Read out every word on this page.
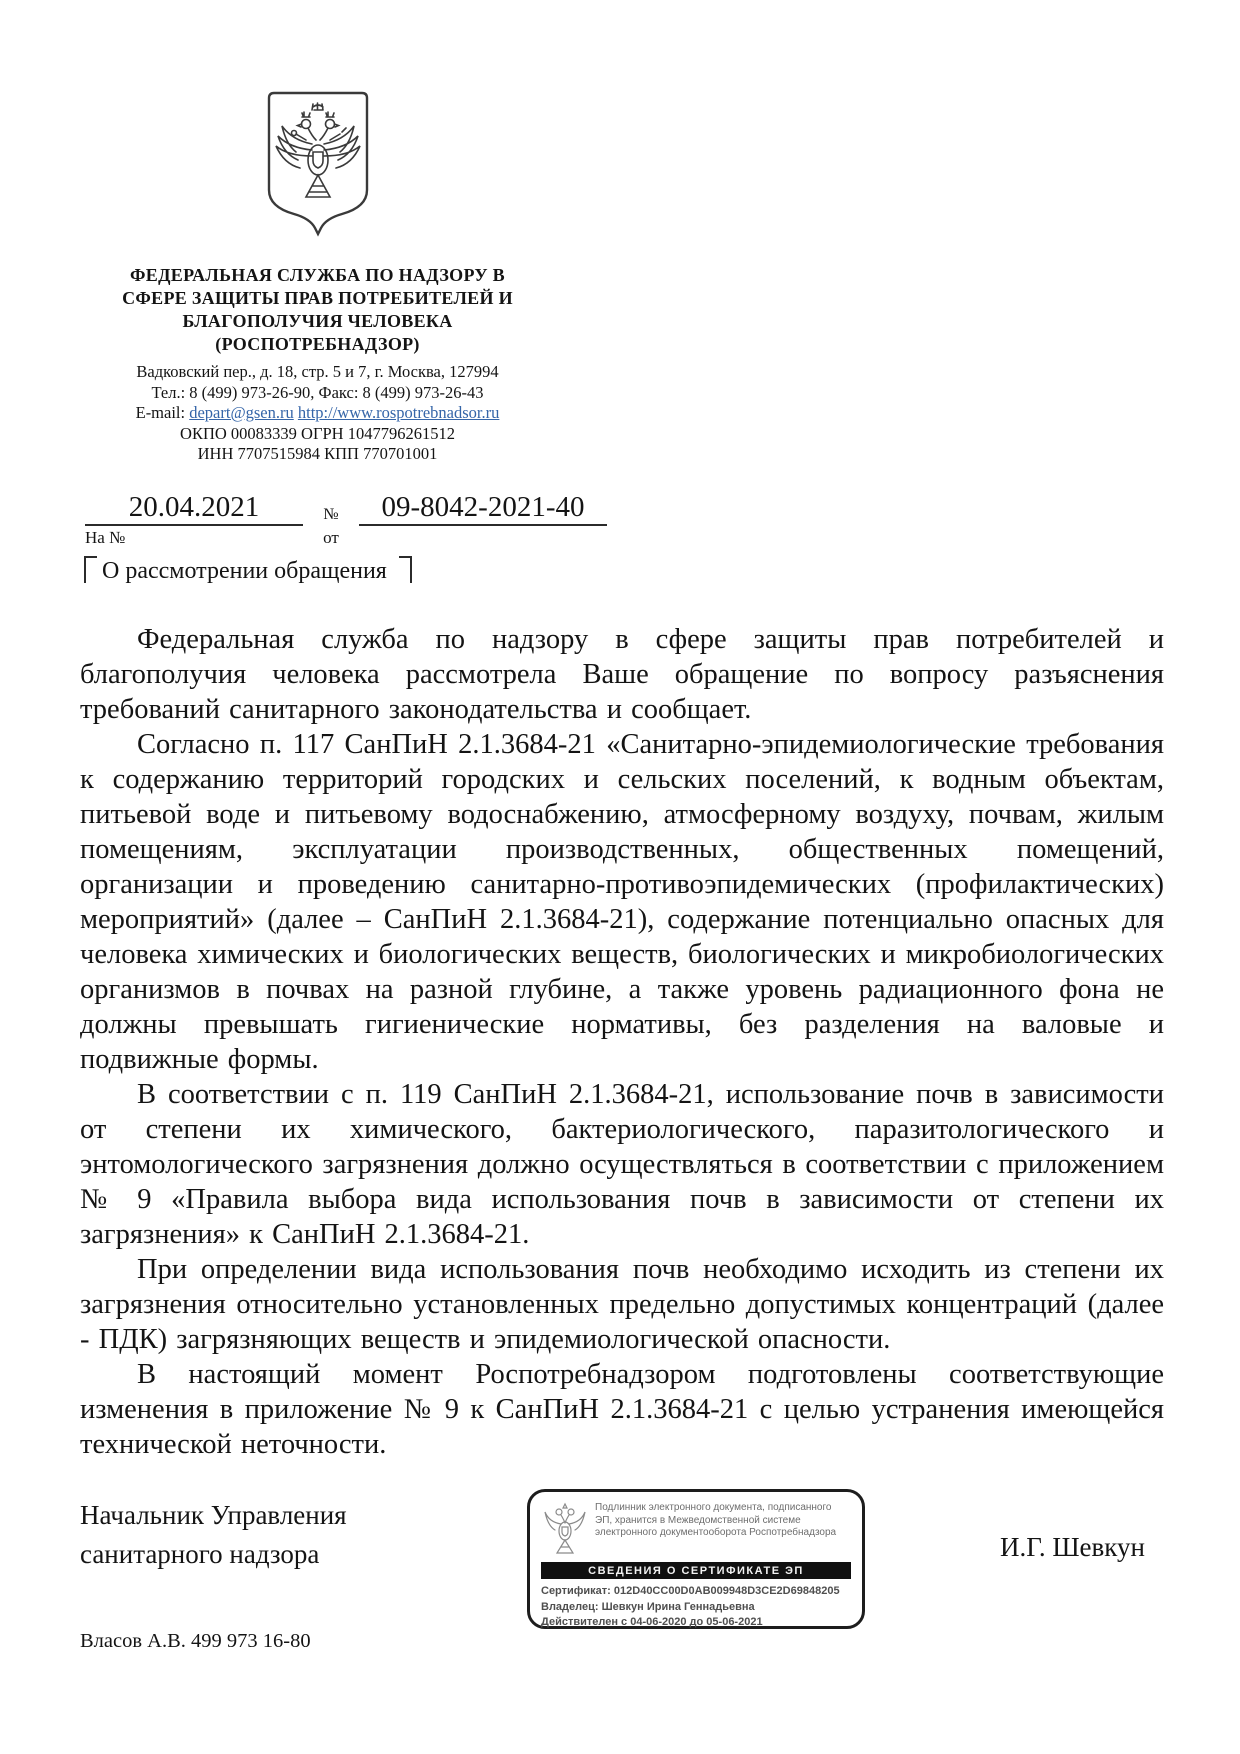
ФЕДЕРАЛЬНАЯ СЛУЖБА ПО НАДЗОРУ В
СФЕРЕ ЗАЩИТЫ ПРАВ ПОТРЕБИТЕЛЕЙ И
БЛАГОПОЛУЧИЯ ЧЕЛОВЕКА
(РОСПОТРЕБНАДЗОР)
Вадковский пер., д. 18, стр. 5 и 7, г. Москва, 127994
Тел.: 8 (499) 973-26-90, Факс: 8 (499) 973-26-43
E-mail: depart@gsen.ru http://www.rospotrebnadsor.ru
ОКПО 00083339 ОГРН 1047796261512
ИНН 7707515984 КПП 770701001
20.04.2021
На №
№
от
09-8042-2021-40

О рассмотрении обращения

Федеральная служба по надзору в сфере защиты прав потребителей и благополучия человека рассмотрела Ваше обращение по вопросу разъяснения требований санитарного законодательства и сообщает.

Согласно п. 117 СанПиН 2.1.3684-21 «Санитарно-эпидемиологические требования к содержанию территорий городских и сельских поселений, к водным объектам, питьевой воде и питьевому водоснабжению, атмосферному воздуху, почвам, жилым помещениям, эксплуатации производственных, общественных помещений, организации и проведению санитарно-противоэпидемических (профилактических) мероприятий» (далее – СанПиН 2.1.3684-21), содержание потенциально опасных для человека химических и биологических веществ, биологических и микробиологических организмов в почвах на разной глубине, а также уровень радиационного фона не должны превышать гигиенические нормативы, без разделения на валовые и подвижные формы.

В соответствии с п. 119 СанПиН 2.1.3684-21, использование почв в зависимости от степени их химического, бактериологического, паразитологического и энтомологического загрязнения должно осуществляться в соответствии с приложением № 9 «Правила выбора вида использования почв в зависимости от степени их загрязнения» к СанПиН 2.1.3684-21.

При определении вида использования почв необходимо исходить из степени их загрязнения относительно установленных предельно допустимых концентраций (далее - ПДК) загрязняющих веществ и эпидемиологической опасности.

В настоящий момент Роспотребнадзором подготовлены соответствующие изменения в приложение № 9 к СанПиН 2.1.3684-21 с целью устранения имеющейся технической неточности.

Начальник Управления
санитарного надзора
Подлинник электронного документа, подписанного ЭП, хранится в Межведомственной системе электронного документооборота Роспотребнадзора
СВЕДЕНИЯ О СЕРТИФИКАТЕ ЭП
Сертификат: 012D40CC00D0AB009948D3CE2D69848205
Владелец: Шевкун Ирина Геннадьевна
Действителен с 04-06-2020 до 05-06-2021
И.Г. Шевкун
Власов А.В. 499 973 16-80
